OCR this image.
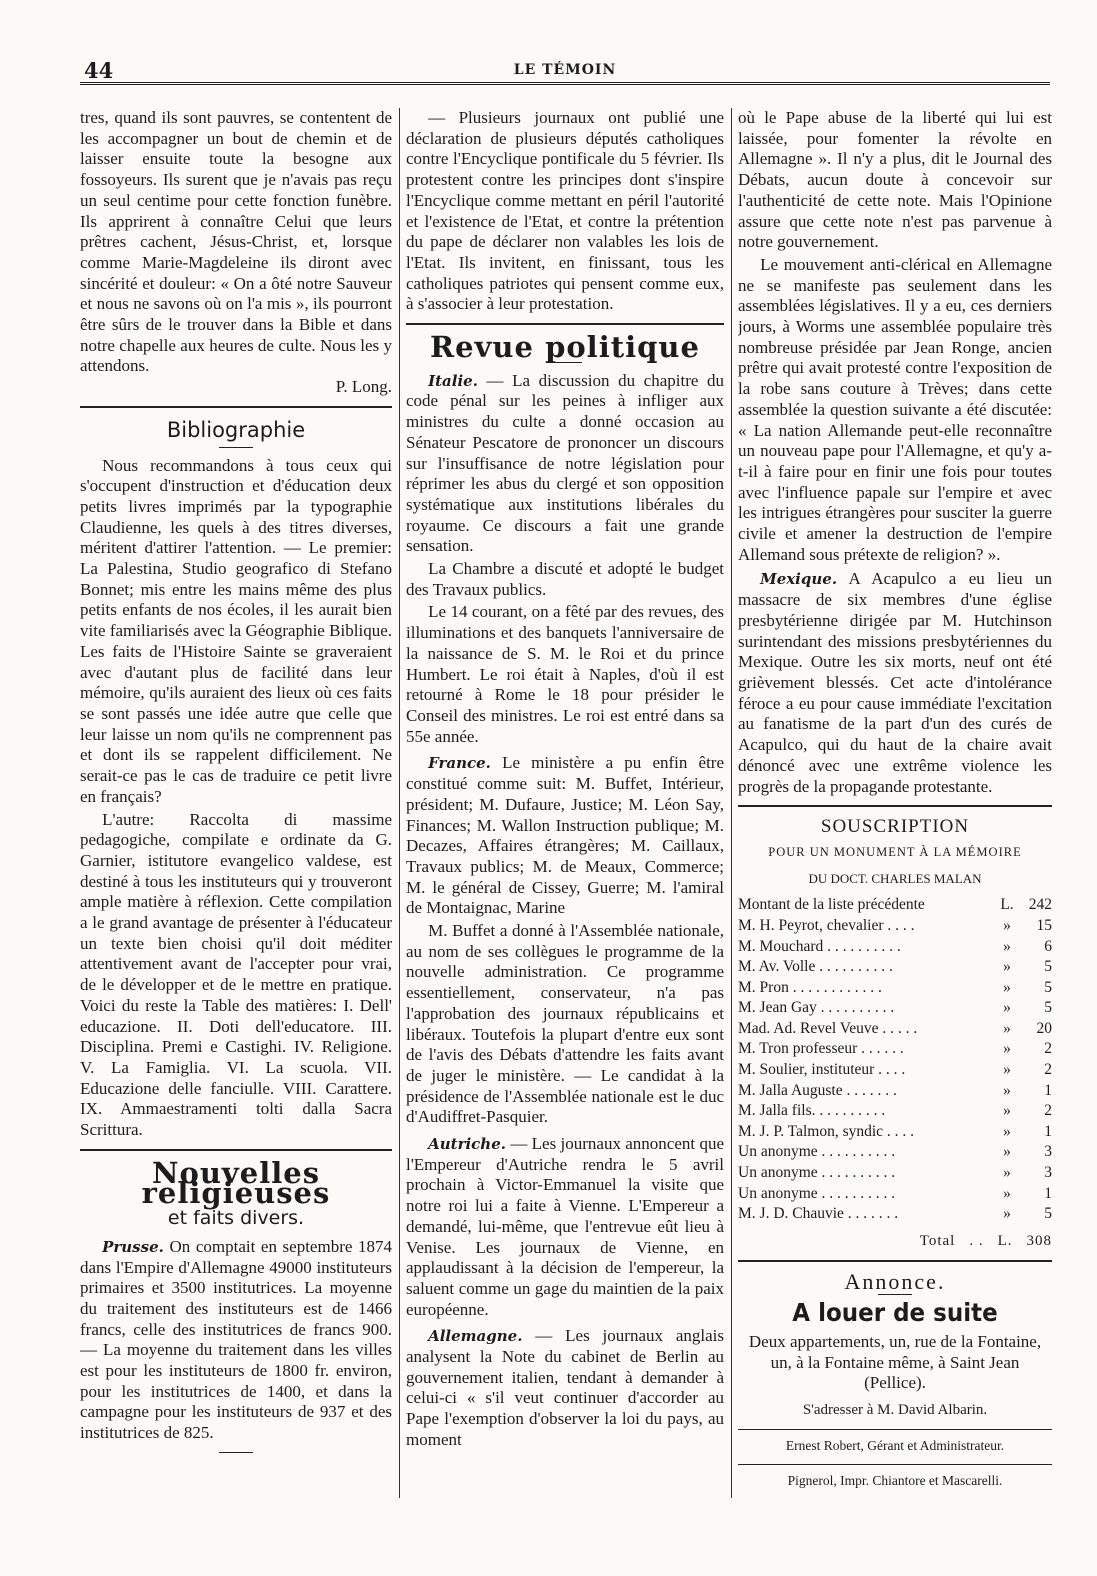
44	LE TÉMOIN

tres, quand ils sont pauvres, se contentent de les accompagner un bout de chemin et de laisser ensuite toute la besogne aux fossoyeurs. Ils surent que je n'avais pas reçu un seul centime pour cette fonction funèbre. Ils apprirent à connaître Celui que leurs prêtres cachent, Jésus-Christ, et, lorsque comme Marie-Magdeleine ils diront avec sincérité et douleur: « On a ôté notre Sauveur et nous ne savons où on l'a mis », ils pourront être sûrs de le trouver dans la Bible et dans notre chapelle aux heures de culte. Nous les y attendons.

P. Long.
Bibliographie

Nous recommandons à tous ceux qui s'occupent d'instruction et d'éducation deux petits livres imprimés par la typographie Claudienne, les quels à des titres diverses, méritent d'attirer l'attention. — Le premier: La Palestina, Studio geografico di Stefano Bonnet; mis entre les mains même des plus petits enfants de nos écoles, il les aurait bien vite familiarisés avec la Géographie Biblique. Les faits de l'Histoire Sainte se graveraient avec d'autant plus de facilité dans leur mémoire, qu'ils auraient des lieux où ces faits se sont passés une idée autre que celle que leur laisse un nom qu'ils ne comprennent pas et dont ils se rappelent difficilement. Ne serait-ce pas le cas de traduire ce petit livre en français?

L'autre: Raccolta di massime pedagogiche, compilate e ordinate da G. Garnier, istitutore evangelico valdese, est destiné à tous les instituteurs qui y trouveront ample matière à réflexion. Cette compilation a le grand avantage de présenter à l'éducateur un texte bien choisi qu'il doit méditer attentivement avant de l'accepter pour vrai, de le développer et de le mettre en pratique. Voici du reste la Table des matières: I. Dell' educazione. II. Doti dell'educatore. III. Disciplina. Premi e Castighi. IV. Religione. V. La Famiglia. VI. La scuola. VII. Educazione delle fanciulle. VIII. Carattere. IX. Ammaestramenti tolti dalla Sacra Scrittura.

Nouvelles religieuses
et faits divers.

Prusse. On comptait en septembre 1874 dans l'Empire d'Allemagne 49000 instituteurs primaires et 3500 institutrices. La moyenne du traitement des instituteurs est de 1466 francs, celle des institutrices de francs 900. — La moyenne du traitement dans les villes est pour les instituteurs de 1800 fr. environ, pour les institutrices de 1400, et dans la campagne pour les instituteurs de 937 et des institutrices de 825.

— Plusieurs journaux ont publié une déclaration de plusieurs députés catholiques contre l'Encyclique pontificale du 5 février. Ils protestent contre les principes dont s'inspire l'Encyclique comme mettant en péril l'autorité et l'existence de l'Etat, et contre la prétention du pape de déclarer non valables les lois de l'Etat. Ils invitent, en finissant, tous les catholiques patriotes qui pensent comme eux, à s'associer à leur protestation.

Revue politique

Italie. — La discussion du chapitre du code pénal sur les peines à infliger aux ministres du culte a donné occasion au Sénateur Pescatore de prononcer un discours sur l'insuffisance de notre législation pour réprimer les abus du clergé et son opposition systématique aux institutions libérales du royaume. Ce discours a fait une grande sensation.

La Chambre a discuté et adopté le budget des Travaux publics.

Le 14 courant, on a fêté par des revues, des illuminations et des banquets l'anniversaire de la naissance de S. M. le Roi et du prince Humbert. Le roi était à Naples, d'où il est retourné à Rome le 18 pour présider le Conseil des ministres. Le roi est entré dans sa 55e année.

France. Le ministère a pu enfin être constitué comme suit: M. Buffet, Intérieur, président; M. Dufaure, Justice; M. Léon Say, Finances; M. Wallon Instruction publique; M. Decazes, Affaires étrangères; M. Caillaux, Travaux publics; M. de Meaux, Commerce; M. le général de Cissey, Guerre; M. l'amiral de Montaignac, Marine

M. Buffet a donné à l'Assemblée nationale, au nom de ses collègues le programme de la nouvelle administration. Ce programme essentiellement, conservateur, n'a pas l'approbation des journaux républicains et libéraux. Toutefois la plupart d'entre eux sont de l'avis des Débats d'attendre les faits avant de juger le ministère. — Le candidat à la présidence de l'Assemblée nationale est le duc d'Audiffret-Pasquier.

Autriche. — Les journaux annoncent que l'Empereur d'Autriche rendra le 5 avril prochain à Victor-Emmanuel la visite que notre roi lui a faite à Vienne. L'Empereur a demandé, lui-même, que l'entrevue eût lieu à Venise. Les journaux de Vienne, en applaudissant à la décision de l'empereur, la saluent comme un gage du maintien de la paix européenne.

Allemagne. — Les journaux anglais analysent la Note du cabinet de Berlin au gouvernement italien, tendant à demander à celui-ci « s'il veut continuer d'accorder au Pape l'exemption d'observer la loi du pays, au moment

où le Pape abuse de la liberté qui lui est laissée, pour fomenter la révolte en Allemagne ». Il n'y a plus, dit le Journal des Débats, aucun doute à concevoir sur l'authenticité de cette note. Mais l'Opinione assure que cette note n'est pas parvenue à notre gouvernement.

Le mouvement anti-clérical en Allemagne ne se manifeste pas seulement dans les assemblées législatives. Il y a eu, ces derniers jours, à Worms une assemblée populaire très nombreuse présidée par Jean Ronge, ancien prêtre qui avait protesté contre l'exposition de la robe sans couture à Trèves; dans cette assemblée la question suivante a été discutée: « La nation Allemande peut-elle reconnaître un nouveau pape pour l'Allemagne, et qu'y a-t-il à faire pour en finir une fois pour toutes avec l'influence papale sur l'empire et avec les intrigues étrangères pour susciter la guerre civile et amener la destruction de l'empire Allemand sous prétexte de religion? ».

Mexique. A Acapulco a eu lieu un massacre de six membres d'une église presbytérienne dirigée par M. Hutchinson surintendant des missions presbytériennes du Mexique. Outre les six morts, neuf ont été grièvement blessés. Cet acte d'intolérance féroce a eu pour cause immédiate l'excitation au fanatisme de la part d'un des curés de Acapulco, qui du haut de la chaire avait dénoncé avec une extrême violence les progrès de la propagande protestante.

SOUSCRIPTION
POUR UN MONUMENT À LA MÉMOIRE
DU DOCT. CHARLES MALAN
Montant de la liste précédente	L. 242
M. H. Peyrot, chevalier . . . .	»	15
M. Mouchard . . . . . . . . . .	»	6
M. Av. Volle . . . . . . . . . .	»	5
M. Pron . . . . . . . . . . . .	»	5
M. Jean Gay . . . . . . . . . .	»	5
Mad. Ad. Revel Veuve . . . . .	»	20
M. Tron professeur . . . . . .	»	2
M. Soulier, instituteur . . . .	»	2
M. Jalla Auguste . . . . . . .	»	1
M. Jalla fils. . . . . . . . . .	»	2
M. J. P. Talmon, syndic . . . .	»	1
Un anonyme . . . . . . . . . .	»	3
Un anonyme . . . . . . . . . .	»	3
Un anonyme . . . . . . . . . .	»	1
M. J. D. Chauvie . . . . . . .	»	5
Total . . L. 308
Annonce.
A louer de suite

Deux appartements, un, rue de la Fontaine, un, à la Fontaine même, à Saint Jean (Pellice).

S'adresser à M. David Albarin.
Ernest Robert, Gérant et Administrateur.
Pignerol, Impr. Chiantore et Mascarelli.
